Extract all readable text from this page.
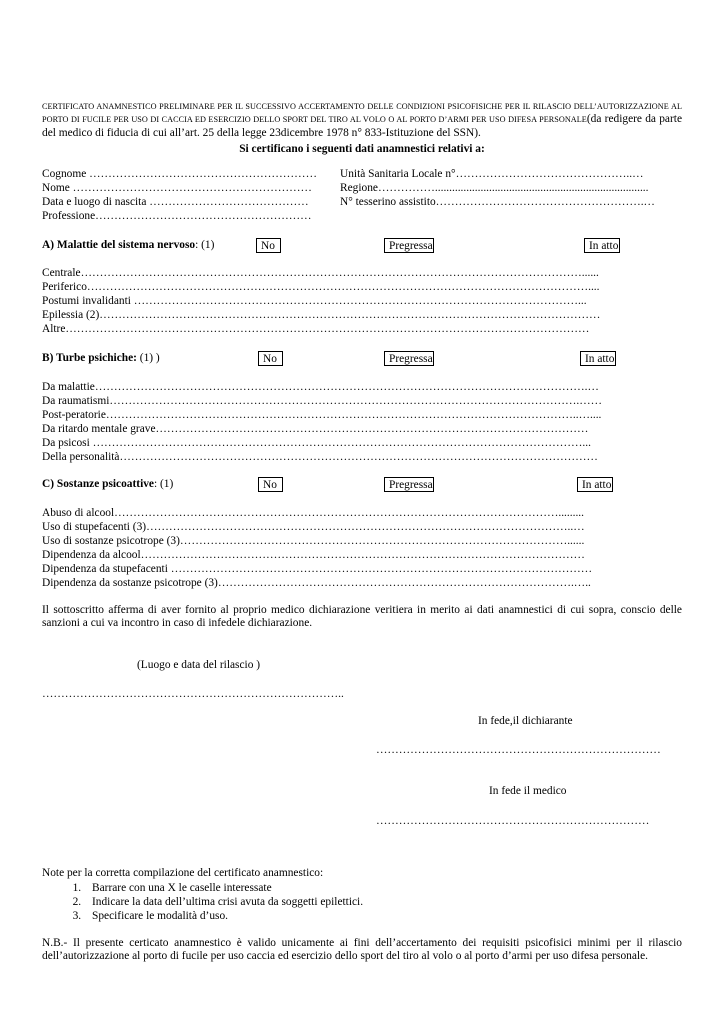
CERTIFICATO ANAMNESTICO PRELIMINARE PER IL SUCCESSIVO ACCERTAMENTO DELLE CONDIZIONI PSICOFISICHE PER IL RILASCIO DELL’AUTORIZZAZIONE AL PORTO DI FUCILE PER USO DI CACCIA ED ESERCIZIO DELLO SPORT DEL TIRO AL VOLO O AL PORTO D’ARMI PER USO DIFESA PERSONALE(da redigere da parte del medico di fiducia di cui all’art. 25 della legge 23dicembre 1978 n° 833-Istituzione del SSN).
Si certificano i seguenti dati anamnestici relativi a:
Cognome ……………………………………………………
Nome ………………………………………………………
Data e luogo di nascita ……………………………………
Professione…………………………………………………
Unità Sanitaria Locale n°………………………………………..…
Regione……………...........................................................................
N° tesserino assistito……………………………………………….…
A) Malattie del sistema nervoso: (1)	No	Pregressa	In atto
Centrale……………………………………………………………………………………………………………………......
Periferico……………………………………………………………………………………………………………………....
Postumi invalidanti ………………………………………………………………………………………………………...
Epilessia (2)……………………………………………………………………………………………………………………
Altre…………………………………………………………………………………………………………………………
B) Turbe psichiche: (1) )	No	Pregressa	In atto
Da malattie………………………………………………………………………………………………………………….…
Da raumatismi…………………………………………………………………………………………………………….……
Post-peratorie……………………………………………………………………………………………………………..…....
Da ritardo mentale grave……………………………………………………………………………………………………
Da psicosi …………………………………………………………………………………………………………………...
Della personalità………………………………………………………………………………………………………………
C) Sostanze psicoattive: (1)	No	Pregressa	In atto
Abuso di alcool……………………………………………………………………………………………………….........
Uso di stupefacenti (3)…………………………………………………………………………………………………..…
Uso di sostanze psicotrope (3)…………………………………………………………………………………………......
Dipendenza da alcool………………………………………………………………………………………………………
Dipendenza da stupefacenti …………………………………………………………………………………………………
Dipendenza da sostanze psicotrope (3)………………………………………………………………………………….…..
Il sottoscritto afferma di aver fornito al proprio medico dichiarazione veritiera in merito ai dati anamnestici di cui sopra, conscio delle sanzioni a cui va incontro in caso di infedele dichiarazione.
(Luogo e data del rilascio )
……………………………………………………………………..
In fede,il dichiarante
…………………………………………………………………
In fede il medico
………………………………………………………………
Note per la corretta compilazione del certificato anamnestico:
1. Barrare con una X le caselle interessate
2. Indicare la data dell’ultima crisi avuta da soggetti epilettici.
3. Specificare le modalità d’uso.
N.B.- Il presente certicato anamnestico è valido unicamente ai fini dell’accertamento dei requisiti psicofisici minimi per il rilascio dell’autorizzazione al porto di fucile per uso caccia ed esercizio dello sport del tiro al volo o al porto d’armi per uso difesa personale.
